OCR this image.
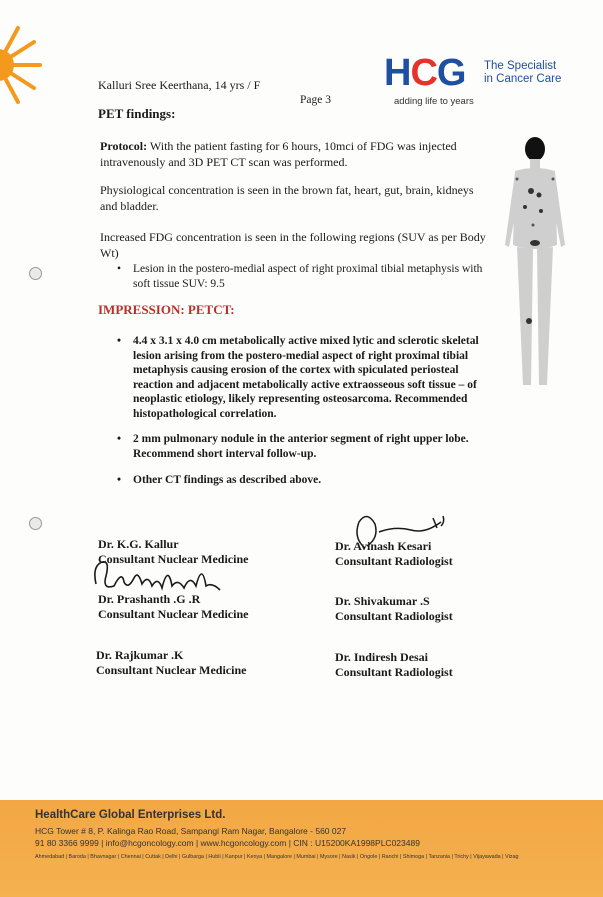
Kalluri Sree Keerthana, 14 yrs / F
Page 3
HCG The Specialist
in Cancer Care
adding life to years
PET findings:
Protocol: With the patient fasting for 6 hours, 10mci of FDG was injected intravenously and 3D PET CT scan was performed.
Physiological concentration is seen in the brown fat, heart, gut, brain, kidneys and bladder.
Increased FDG concentration is seen in the following regions (SUV as per Body Wt)
• Lesion in the postero-medial aspect of right proximal tibial metaphysis with soft tissue SUV: 9.5
IMPRESSION: PETCT:
• 4.4 x 3.1 x 4.0 cm metabolically active mixed lytic and sclerotic skeletal lesion arising from the postero-medial aspect of right proximal tibial metaphysis causing erosion of the cortex with spiculated periosteal reaction and adjacent metabolically active extraosseous soft tissue – of neoplastic etiology, likely representing osteosarcoma. Recommended histopathological correlation.
• 2 mm pulmonary nodule in the anterior segment of right upper lobe. Recommend short interval follow-up.
• Other CT findings as described above.
Dr. K.G. Kallur
Consultant Nuclear Medicine
Dr. Prashanth .G .R
Consultant Nuclear Medicine
Dr. Rajkumar .K
Consultant Nuclear Medicine
Dr. Avinash Kesari
Consultant Radiologist
Dr. Shivakumar .S
Consultant Radiologist
Dr. Indiresh Desai
Consultant Radiologist
HealthCare Global Enterprises Ltd.
HCG Tower # 8, P. Kalinga Rao Road, Sampangi Ram Nagar, Bangalore - 560 027
91 80 3366 9999 | info@hcgoncology.com | www.hcgoncology.com | CIN : U15200KA1998PLC023489
Ahmedabad | Baroda | Bhavnagar | Chennai | Cuttak | Delhi | Gulbarga | Hubli | Kanpur | Kenya | Mangalore | Mumbai | Mysore | Nasik | Ongole | Ranchi | Shimoga | Tanzania | Trichy | Vijayawada | Vizag
